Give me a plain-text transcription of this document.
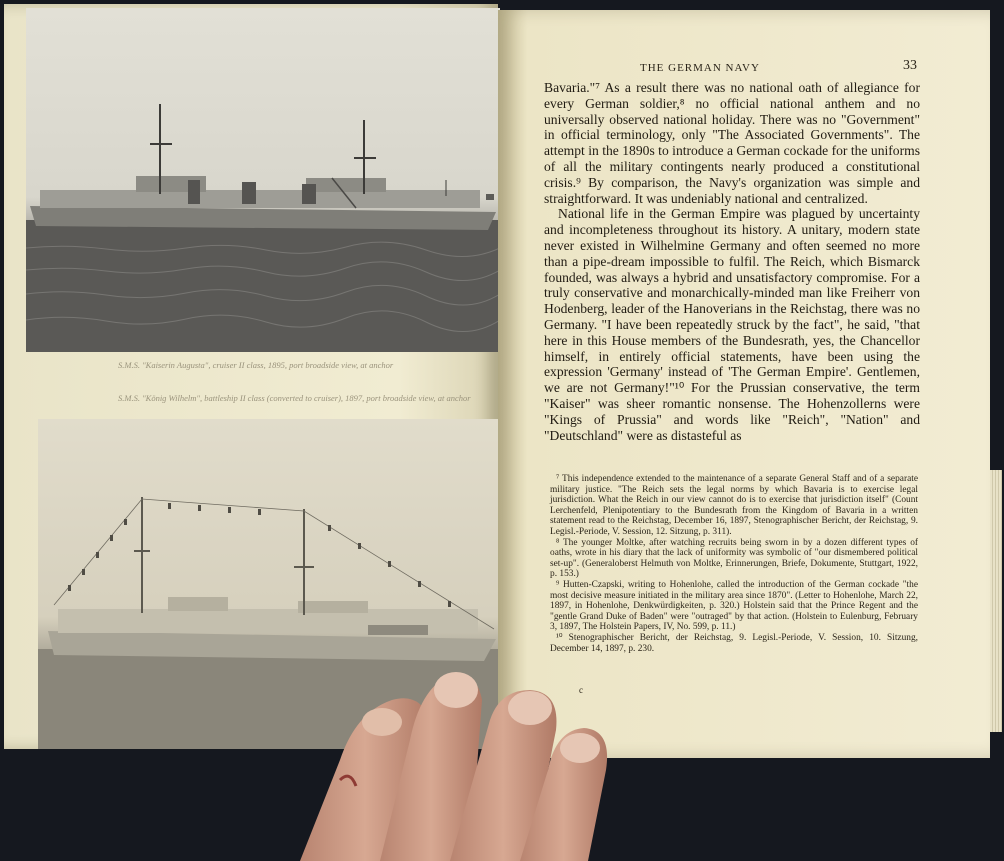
S.M.S. "Kaiserin Augusta", cruiser II class, 1895, port broadside view, at anchor
S.M.S. "König Wilhelm", battleship II class (converted to cruiser), 1897, port broadside view, at anchor
THE GERMAN NAVY	33

Bavaria."⁷ As a result there was no national oath of allegiance for every German soldier,⁸ no official national anthem and no universally observed national holiday. There was no "Government" in official terminology, only "The Associated Governments". The attempt in the 1890s to introduce a German cockade for the uniforms of all the military contingents nearly produced a constitutional crisis.⁹ By comparison, the Navy's organization was simple and straightforward. It was undeniably national and centralized.

National life in the German Empire was plagued by uncertainty and incompleteness throughout its history. A unitary, modern state never existed in Wilhelmine Germany and often seemed no more than a pipe-dream impossible to fulfil. The Reich, which Bismarck founded, was always a hybrid and unsatisfactory compromise. For a truly conservative and monarchically-minded man like Freiherr von Hodenberg, leader of the Hanoverians in the Reichstag, there was no Germany. "I have been repeatedly struck by the fact", he said, "that here in this House members of the Bundesrath, yes, the Chancellor himself, in entirely official statements, have been using the expression 'Germany' instead of 'The German Empire'. Gentlemen, we are not Germany!"¹⁰ For the Prussian conservative, the term "Kaiser" was sheer romantic nonsense. The Hohenzollerns were "Kings of Prussia" and words like "Reich", "Nation" and "Deutschland" were as distasteful as

⁷ This independence extended to the maintenance of a separate General Staff and of a separate military justice. "The Reich sets the legal norms by which Bavaria is to exercise legal jurisdiction. What the Reich in our view cannot do is to exercise that jurisdiction itself" (Count Lerchenfeld, Plenipotentiary to the Bundesrath from the Kingdom of Bavaria in a written statement read to the Reichstag, December 16, 1897, Stenographischer Bericht, der Reichstag, 9. Legisl.-Periode, V. Session, 12. Sitzung, p. 311).

⁸ The younger Moltke, after watching recruits being sworn in by a dozen different types of oaths, wrote in his diary that the lack of uniformity was symbolic of "our dismembered political set-up". (Generaloberst Helmuth von Moltke, Erinnerungen, Briefe, Dokumente, Stuttgart, 1922, p. 153.)

⁹ Hutten-Czapski, writing to Hohenlohe, called the introduction of the German cockade "the most decisive measure initiated in the military area since 1870". (Letter to Hohenlohe, March 22, 1897, in Hohenlohe, Denkwürdigkeiten, p. 320.) Holstein said that the Prince Regent and the "gentle Grand Duke of Baden" were "outraged" by that action. (Holstein to Eulenburg, February 3, 1897, The Holstein Papers, IV, No. 599, p. 11.)

¹⁰ Stenographischer Bericht, der Reichstag, 9. Legisl.-Periode, V. Session, 10. Sitzung, December 14, 1897, p. 230.

c
